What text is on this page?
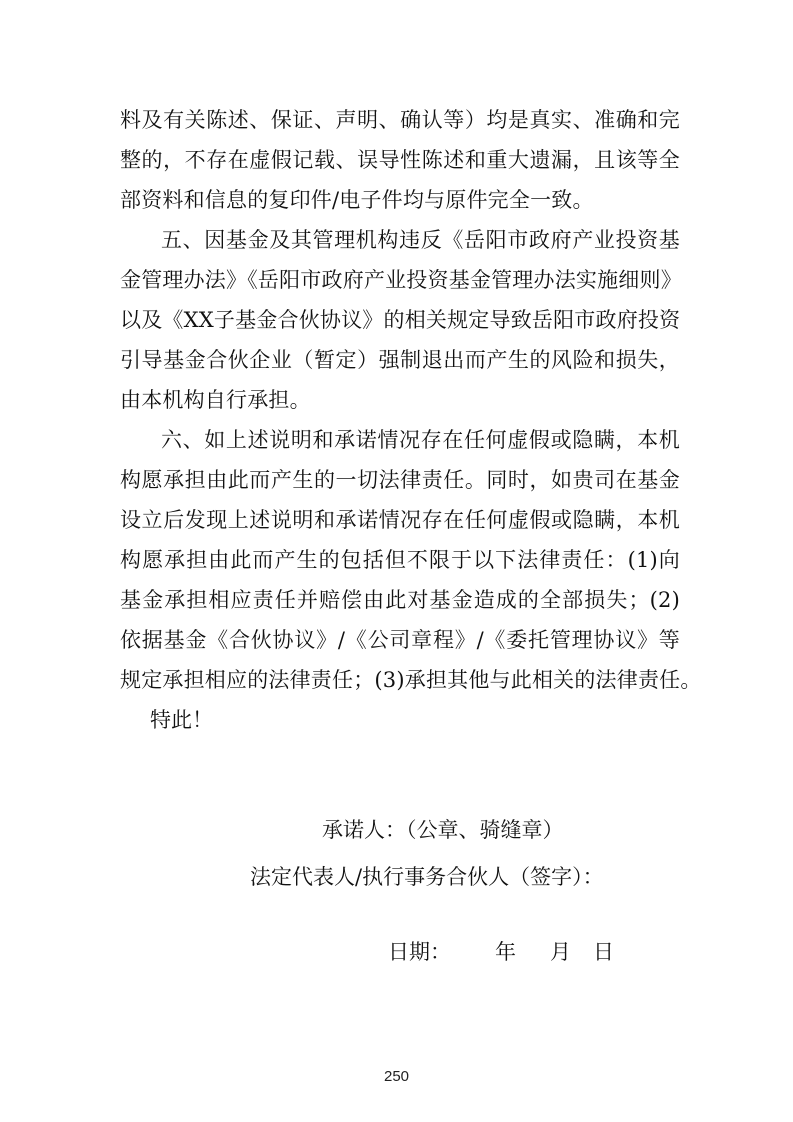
料及有关陈述、保证、声明、确认等）均是真实、准确和完
整的，不存在虚假记载、误导性陈述和重大遗漏，且该等全
部资料和信息的复印件/电子件均与原件完全一致。
五、因基金及其管理机构违反《岳阳市政府产业投资基
金管理办法》《岳阳市政府产业投资基金管理办法实施细则》
以及《XX子基金合伙协议》的相关规定导致岳阳市政府投资
引导基金合伙企业（暂定）强制退出而产生的风险和损失，
由本机构自行承担。
六、如上述说明和承诺情况存在任何虚假或隐瞒，本机
构愿承担由此而产生的一切法律责任。同时，如贵司在基金
设立后发现上述说明和承诺情况存在任何虚假或隐瞒，本机
构愿承担由此而产生的包括但不限于以下法律责任：(1)向
基金承担相应责任并赔偿由此对基金造成的全部损失；(2)
依据基金《合伙协议》/《公司章程》/《委托管理协议》等
规定承担相应的法律责任；(3)承担其他与此相关的法律责任。
特此！
承诺人：（公章、骑缝章）
法定代表人/执行事务合伙人（签字）：
日期： 年 月 日
250
